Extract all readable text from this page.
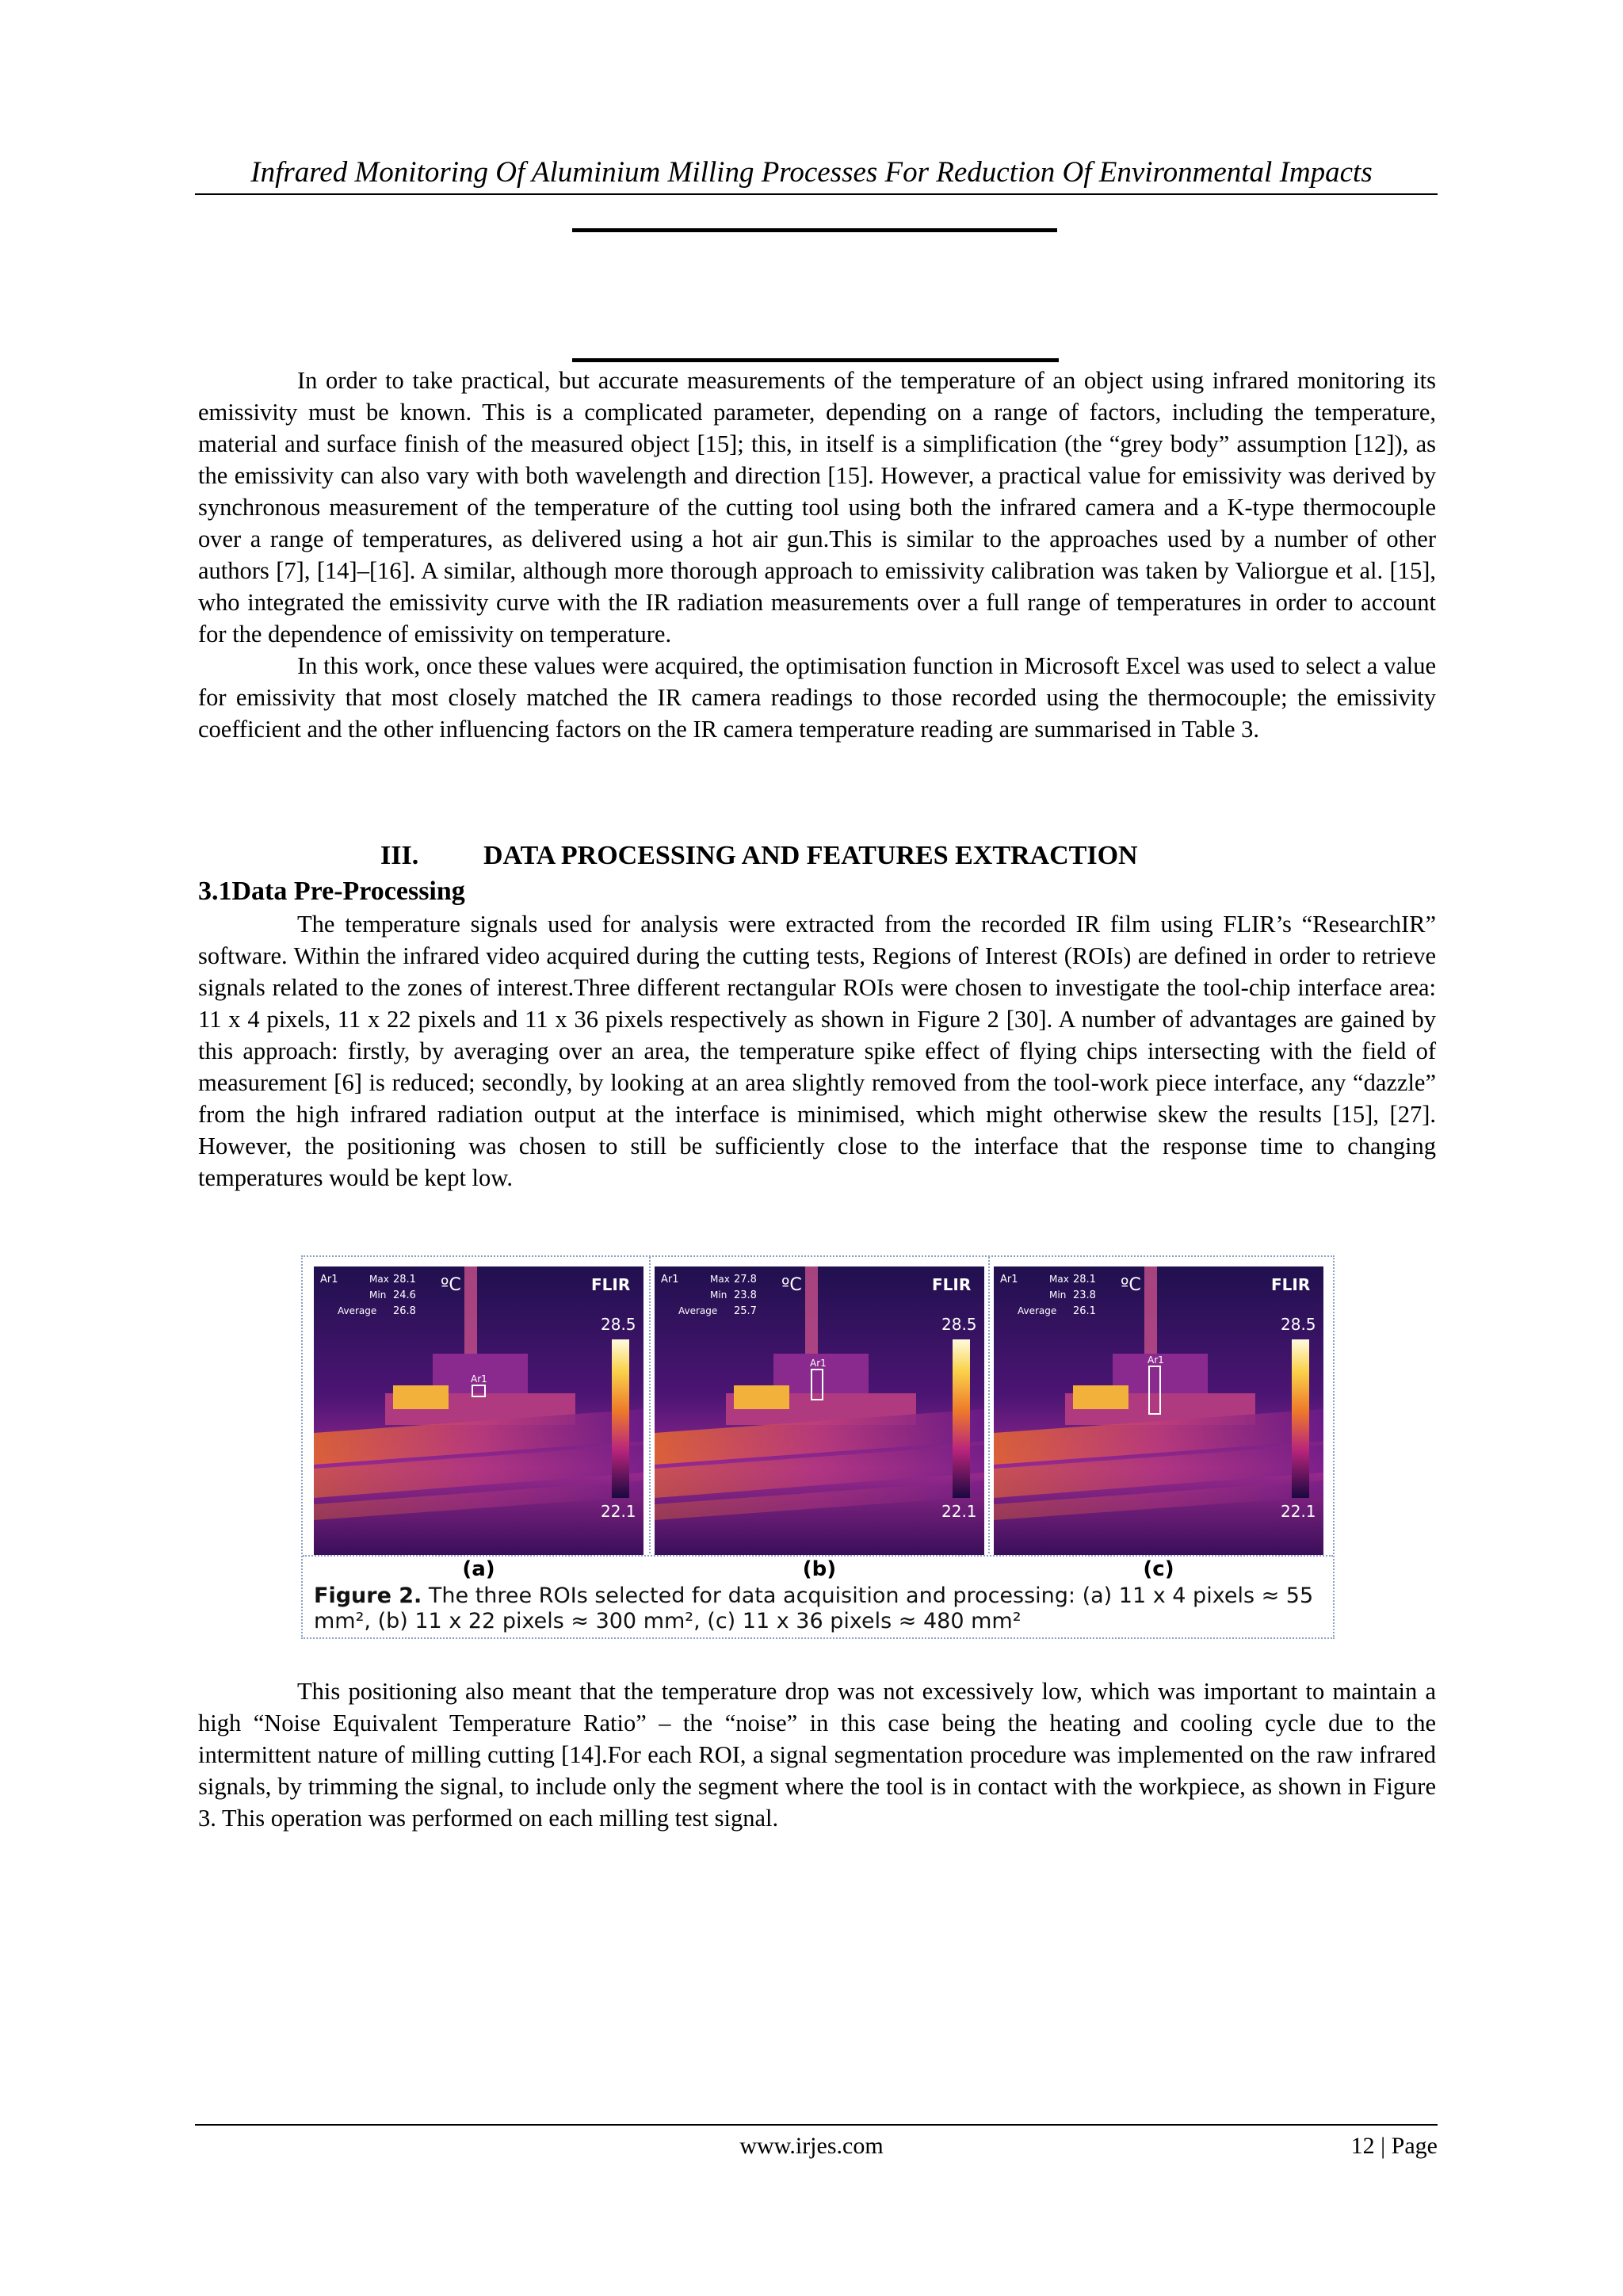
Infrared Monitoring Of Aluminium Milling Processes For Reduction Of Environmental Impacts

In order to take practical, but accurate measurements of the temperature of an object using infrared monitoring its emissivity must be known. This is a complicated parameter, depending on a range of factors, including the temperature, material and surface finish of the measured object [15]; this, in itself is a simplification (the “grey body” assumption [12]), as the emissivity can also vary with both wavelength and direction [15]. However, a practical value for emissivity was derived by synchronous measurement of the temperature of the cutting tool using both the infrared camera and a K-type thermocouple over a range of temperatures, as delivered using a hot air gun.This is similar to the approaches used by a number of other authors [7], [14]–[16]. A similar, although more thorough approach to emissivity calibration was taken by Valiorgue et al. [15], who integrated the emissivity curve with the IR radiation measurements over a full range of temperatures in order to account for the dependence of emissivity on temperature.

In this work, once these values were acquired, the optimisation function in Microsoft Excel was used to select a value for emissivity that most closely matched the IR camera readings to those recorded using the thermocouple; the emissivity coefficient and the other influencing factors on the IR camera temperature reading are summarised in Table 3.

III. DATA PROCESSING AND FEATURES EXTRACTION
3.1Data Pre-Processing

The temperature signals used for analysis were extracted from the recorded IR film using FLIR’s “ResearchIR” software. Within the infrared video acquired during the cutting tests, Regions of Interest (ROIs) are defined in order to retrieve signals related to the zones of interest.Three different rectangular ROIs were chosen to investigate the tool-chip interface area: 11 x 4 pixels, 11 x 22 pixels and 11 x 36 pixels respectively as shown in Figure 2 [30]. A number of advantages are gained by this approach: firstly, by averaging over an area, the temperature spike effect of flying chips intersecting with the field of measurement [6] is reduced; secondly, by looking at an area slightly removed from the tool-work piece interface, any “dazzle” from the high infrared radiation output at the interface is minimised, which might otherwise skew the results [15], [27]. However, the positioning was chosen to still be sufficiently close to the interface that the response time to changing temperatures would be kept low.

Ar1
Ar1	Max 28.1
Min 24.6
Average 26.8
ºC	FLIR
28.5
22.1
Ar1
Ar1	Max 27.8
Min 23.8
Average 25.7
ºC	FLIR
28.5
22.1
Ar1
Ar1	Max 28.1
Min 23.8
Average 26.1
ºC	FLIR
28.5
22.1
(a)	(b)	(c)
Figure 2. The three ROIs selected for data acquisition and processing: (a) 11 x 4 pixels ≈ 55 mm², (b) 11 x 22 pixels ≈ 300 mm², (c) 11 x 36 pixels ≈ 480 mm²

This positioning also meant that the temperature drop was not excessively low, which was important to maintain a high “Noise Equivalent Temperature Ratio” – the “noise” in this case being the heating and cooling cycle due to the intermittent nature of milling cutting [14].For each ROI, a signal segmentation procedure was implemented on the raw infrared signals, by trimming the signal, to include only the segment where the tool is in contact with the workpiece, as shown in Figure 3. This operation was performed on each milling test signal.

www.irjes.com	12 | Page
